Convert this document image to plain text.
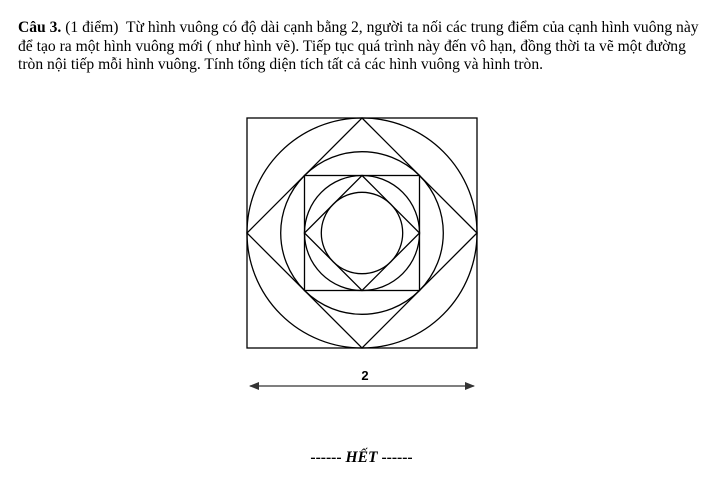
Câu 3. (1 điểm) Từ hình vuông có độ dài cạnh bằng 2, người ta nối các trung điểm của cạnh hình vuông này để tạo ra một hình vuông mới ( như hình vẽ). Tiếp tục quá trình này đến vô hạn, đồng thời ta vẽ một đường tròn nội tiếp mỗi hình vuông. Tính tổng diện tích tất cả các hình vuông và hình tròn.

2
------ HẾT ------
